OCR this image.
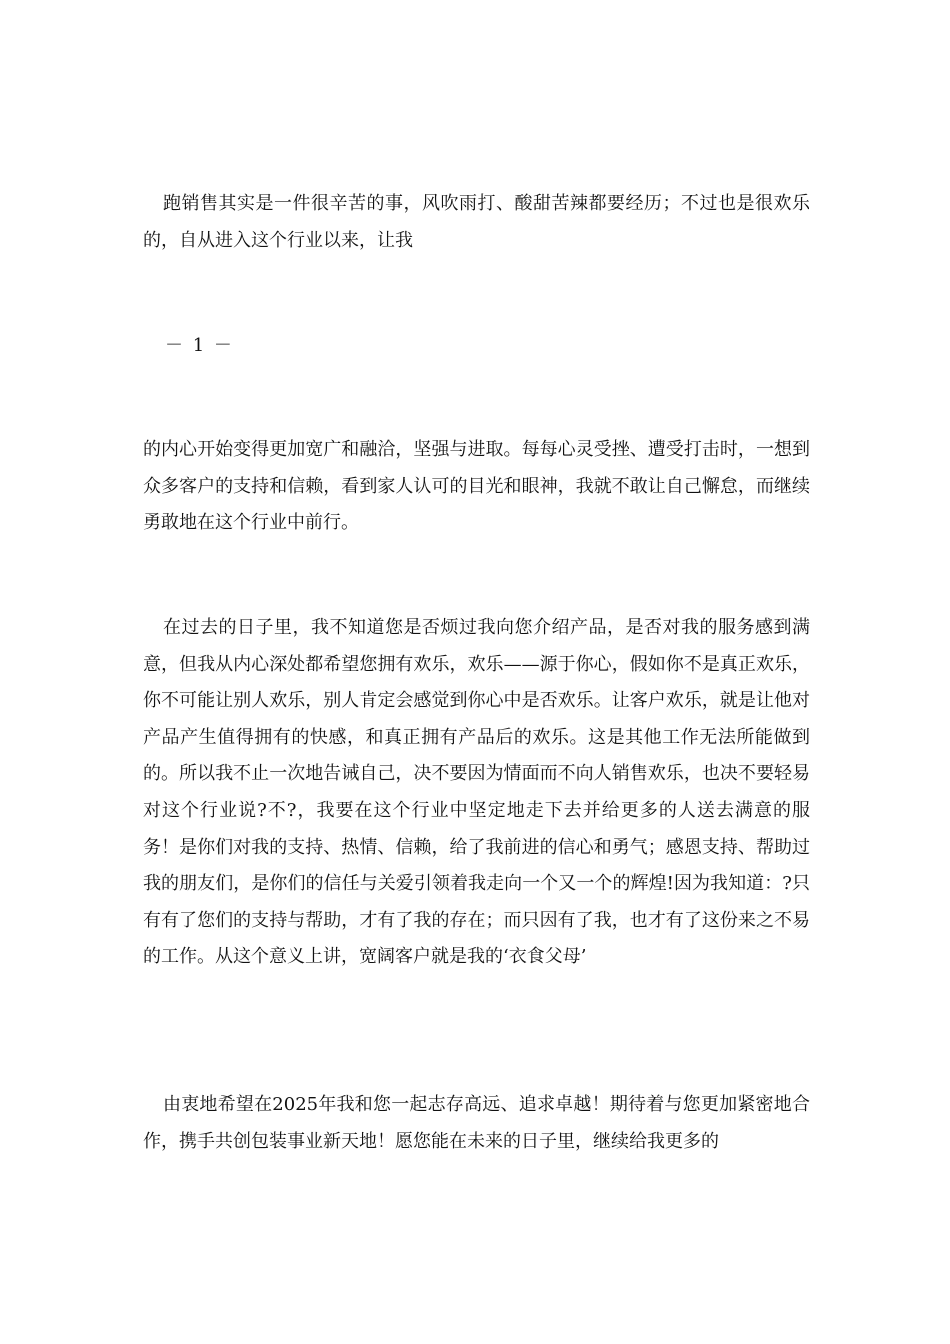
跑销售其实是一件很辛苦的事，风吹雨打、酸甜苦辣都要经历；不过也是很欢乐的，自从进入这个行业以来，让我

－ 1 －

的内心开始变得更加宽广和融洽，坚强与进取。每每心灵受挫、遭受打击时，一想到众多客户的支持和信赖，看到家人认可的目光和眼神，我就不敢让自己懈怠，而继续勇敢地在这个行业中前行。

在过去的日子里，我不知道您是否烦过我向您介绍产品，是否对我的服务感到满意，但我从内心深处都希望您拥有欢乐，欢乐——源于你心，假如你不是真正欢乐，你不可能让别人欢乐，别人肯定会感觉到你心中是否欢乐。让客户欢乐，就是让他对产品产生值得拥有的快感，和真正拥有产品后的欢乐。这是其他工作无法所能做到的。所以我不止一次地告诫自己，决不要因为情面而不向人销售欢乐，也决不要轻易对这个行业说?不?，我要在这个行业中坚定地走下去并给更多的人送去满意的服务！是你们对我的支持、热情、信赖，给了我前进的信心和勇气；感恩支持、帮助过我的朋友们，是你们的信任与关爱引领着我走向一个又一个的辉煌!因为我知道：?只有有了您们的支持与帮助，才有了我的存在；而只因有了我，也才有了这份来之不易的工作。从这个意义上讲，宽阔客户就是我的‘衣食父母’

由衷地希望在2025年我和您一起志存高远、追求卓越！期待着与您更加紧密地合作，携手共创包装事业新天地！愿您能在未来的日子里，继续给我更多的
